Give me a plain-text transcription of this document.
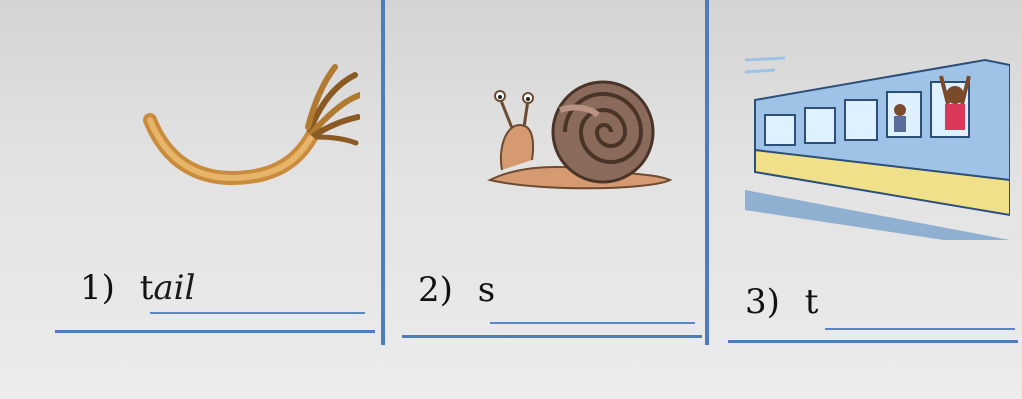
1) tail	2) s	3) t
